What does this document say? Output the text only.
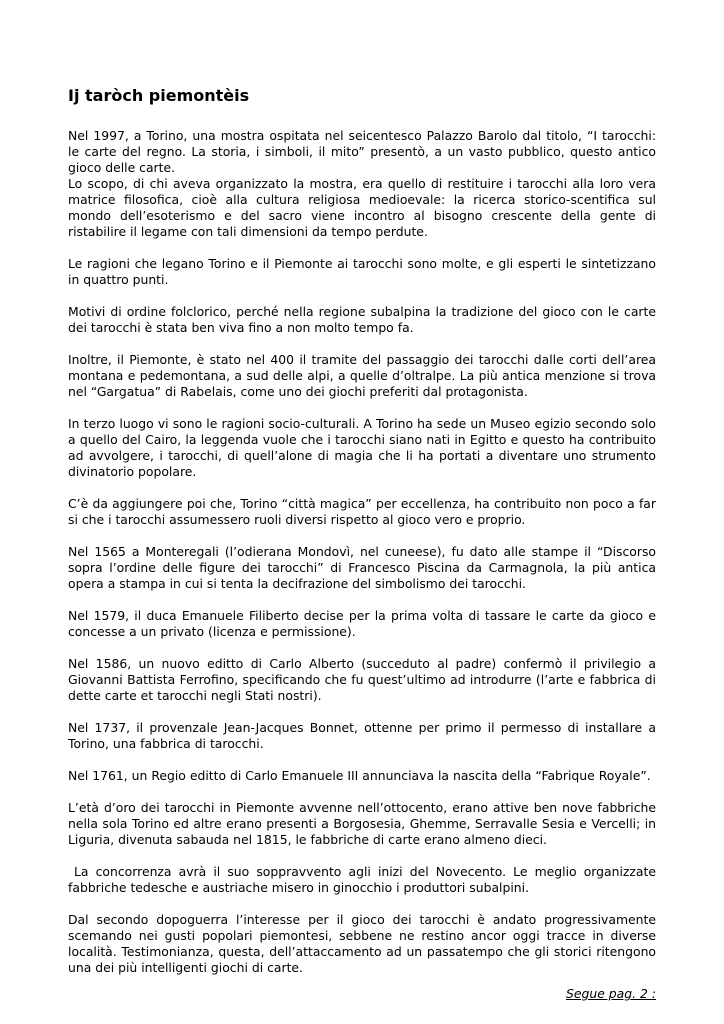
Ij taròch piemontèis

Nel 1997, a Torino, una mostra ospitata nel seicentesco Palazzo Barolo dal titolo, “I tarocchi: le carte del regno. La storia, i simboli, il mito” presentò, a un vasto pubblico, questo antico gioco delle carte.

Lo scopo, di chi aveva organizzato la mostra, era quello di restituire i tarocchi alla loro vera matrice filosofica, cioè alla cultura religiosa medioevale: la ricerca storico-scentifica sul mondo dell’esoterismo e del sacro viene incontro al bisogno crescente della gente di ristabilire il legame con tali dimensioni da tempo perdute.

Le ragioni che legano Torino e il Piemonte ai tarocchi sono molte, e gli esperti le sintetizzano in quattro punti.

Motivi di ordine folclorico, perché nella regione subalpina la tradizione del gioco con le carte dei tarocchi è stata ben viva fino a non molto tempo fa.

Inoltre, il Piemonte, è stato nel 400 il tramite del passaggio dei tarocchi dalle corti dell’area montana e pedemontana, a sud delle alpi, a quelle d’oltralpe. La più antica menzione si trova nel “Gargatua” di Rabelais, come uno dei giochi preferiti dal protagonista.

In terzo luogo vi sono le ragioni socio-culturali. A Torino ha sede un Museo egizio secondo solo a quello del Cairo, la leggenda vuole che i tarocchi siano nati in Egitto e questo ha contribuito ad avvolgere, i tarocchi, di quell’alone di magia che li ha portati a diventare uno strumento divinatorio popolare.

C’è da aggiungere poi che, Torino “città magica” per eccellenza, ha contribuito non poco a far si che i tarocchi assumessero ruoli diversi rispetto al gioco vero e proprio.

Nel 1565 a Monteregali (l’odierana Mondovì, nel cuneese), fu dato alle stampe il “Discorso sopra l’ordine delle figure dei tarocchi” di Francesco Piscina da Carmagnola, la più antica opera a stampa in cui si tenta la decifrazione del simbolismo dei tarocchi.

Nel 1579, il duca Emanuele Filiberto decise per la prima volta di tassare le carte da gioco e concesse a un privato (licenza e permissione).

Nel 1586, un nuovo editto di Carlo Alberto (succeduto al padre) confermò il privilegio a Giovanni Battista Ferrofino, specificando che fu quest’ultimo ad introdurre (l’arte e fabbrica di dette carte et tarocchi negli Stati nostri).

Nel 1737, il provenzale Jean-Jacques Bonnet, ottenne per primo il permesso di installare a Torino, una fabbrica di tarocchi.

Nel 1761, un Regio editto di Carlo Emanuele III annunciava la nascita della “Fabrique Royale”.

L’età d’oro dei tarocchi in Piemonte avvenne nell’ottocento, erano attive ben nove fabbriche nella sola Torino ed altre erano presenti a Borgosesia, Ghemme, Serravalle Sesia e Vercelli; in Liguria, divenuta sabauda nel 1815, le fabbriche di carte erano almeno dieci.

La concorrenza avrà il suo soppravvento agli inizi del Novecento. Le meglio organizzate fabbriche tedesche e austriache misero in ginocchio i produttori subalpini.

Dal secondo dopoguerra l’interesse per il gioco dei tarocchi è andato progressivamente scemando nei gusti popolari piemontesi, sebbene ne restino ancor oggi tracce in diverse località. Testimonianza, questa, dell’attaccamento ad un passatempo che gli storici ritengono una dei più intelligenti giochi di carte.

Segue pag. 2 :
